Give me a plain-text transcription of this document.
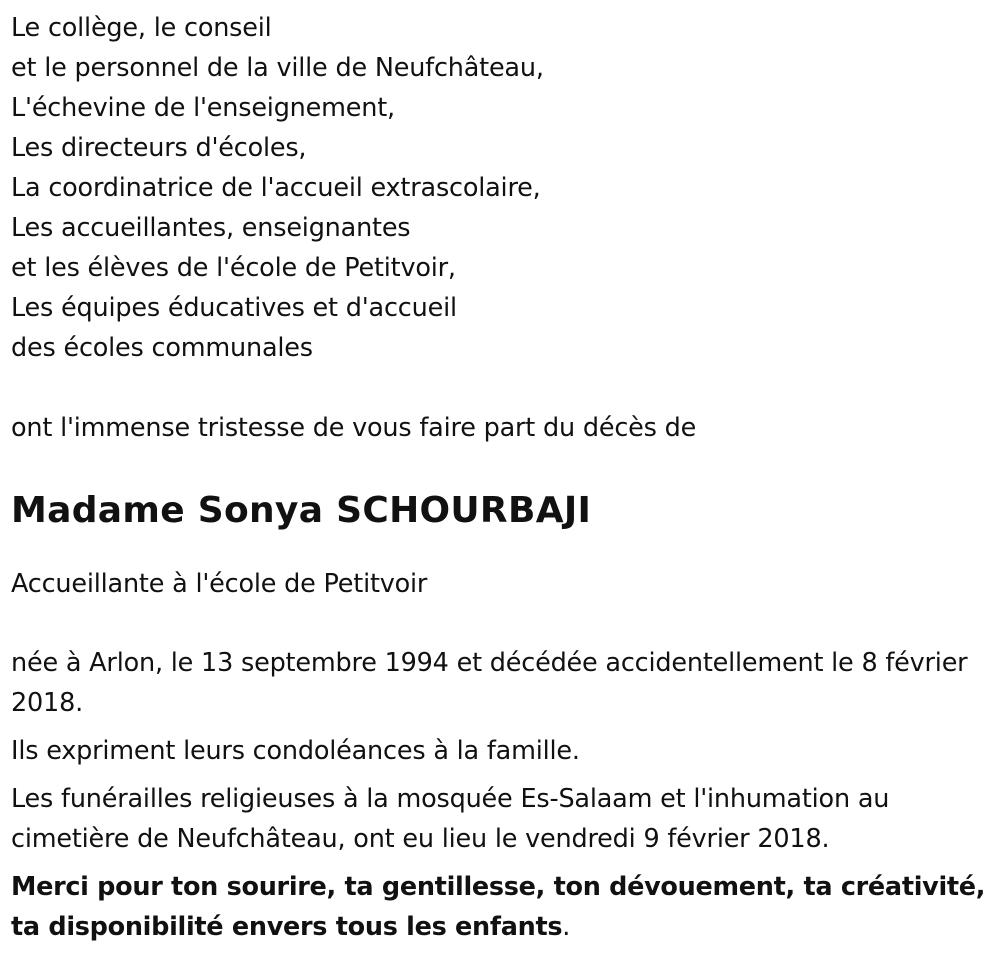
Le collège, le conseil
et le personnel de la ville de Neufchâteau,
L'échevine de l'enseignement,
Les directeurs d'écoles,
La coordinatrice de l'accueil extrascolaire,
Les accueillantes, enseignantes
et les élèves de l'école de Petitvoir,
Les équipes éducatives et d'accueil
des écoles communales
ont l'immense tristesse de vous faire part du décès de
Madame Sonya SCHOURBAJI
Accueillante à l'école de Petitvoir
née à Arlon, le 13 septembre 1994 et décédée accidentellement le 8 février 2018.
Ils expriment leurs condoléances à la famille.
Les funérailles religieuses à la mosquée Es-Salaam et l'inhumation au cimetière de Neufchâteau, ont eu lieu le vendredi 9 février 2018.
Merci pour ton sourire, ta gentillesse, ton dévouement, ta créativité, ta disponibilité envers tous les enfants.
